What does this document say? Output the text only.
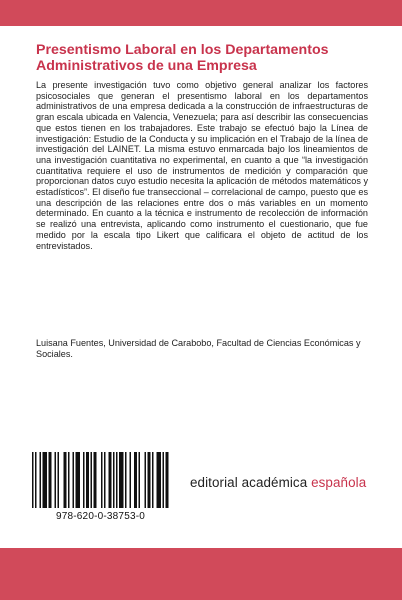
Presentismo Laboral en los Departamentos Administrativos de una Empresa

La presente investigación tuvo como objetivo general analizar los factores psicosociales que generan el presentismo laboral en los departamentos administrativos de una empresa dedicada a la construcción de infraestructuras de gran escala ubicada en Valencia, Venezuela; para así describir las consecuencias que estos tienen en los trabajadores. Este trabajo se efectuó bajo la Línea de investigación: Estudio de la Conducta y su implicación en el Trabajo de la línea de investigación del LAINET. La misma estuvo enmarcada bajo los lineamientos de una investigación cuantitativa no experimental, en cuanto a que “la investigación cuantitativa requiere el uso de instrumentos de medición y comparación que proporcionan datos cuyo estudio necesita la aplicación de métodos matemáticos y estadísticos”. El diseño fue transeccional – correlacional de campo, puesto que es una descripción de las relaciones entre dos o más variables en un momento determinado. En cuanto a la técnica e instrumento de recolección de información se realizó una entrevista, aplicando como instrumento el cuestionario, que fue medido por la escala tipo Likert que calificara el objeto de actitud de los entrevistados.

Luisana Fuentes, Universidad de Carabobo, Facultad de Ciencias Económicas y Sociales.

978-620-0-38753-0
editorial académica española
